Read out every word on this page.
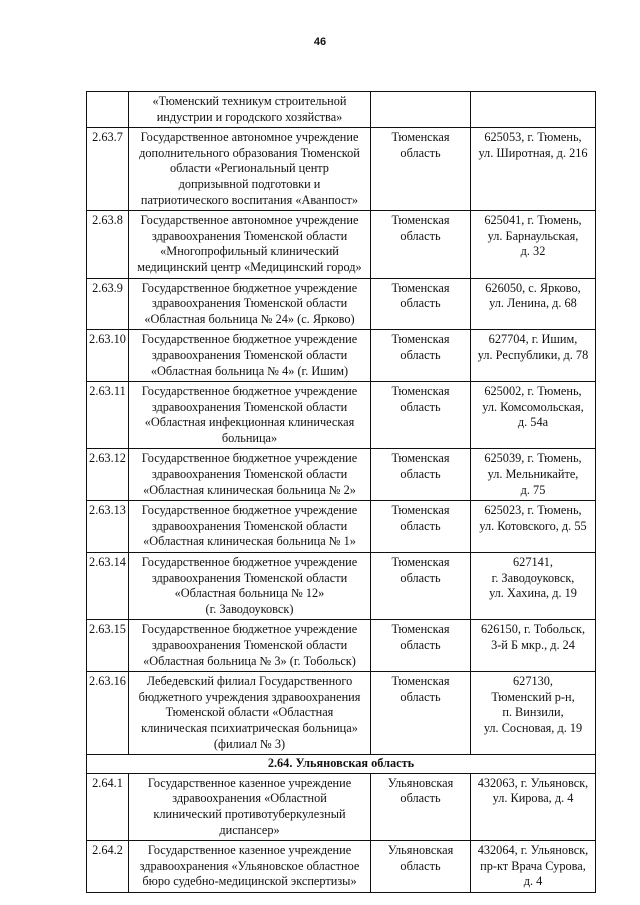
46
	«Тюменский техникум строительной
индустрии и городского хозяйства»		
2.63.7	Государственное автономное учреждение
дополнительного образования Тюменской
области «Региональный центр
допризывной подготовки и
патриотического воспитания «Аванпост»	Тюменская
область	625053, г. Тюмень,
ул. Широтная, д. 216
2.63.8	Государственное автономное учреждение
здравоохранения Тюменской области
«Многопрофильный клинический
медицинский центр «Медицинский город»	Тюменская
область	625041, г. Тюмень,
ул. Барнаульская,
д. 32
2.63.9	Государственное бюджетное учреждение
здравоохранения Тюменской области
«Областная больница № 24» (с. Ярково)	Тюменская
область	626050, с. Ярково,
ул. Ленина, д. 68
2.63.10	Государственное бюджетное учреждение
здравоохранения Тюменской области
«Областная больница № 4» (г. Ишим)	Тюменская
область	627704, г. Ишим,
ул. Республики, д. 78
2.63.11	Государственное бюджетное учреждение
здравоохранения Тюменской области
«Областная инфекционная клиническая
больница»	Тюменская
область	625002, г. Тюмень,
ул. Комсомольская,
д. 54а
2.63.12	Государственное бюджетное учреждение
здравоохранения Тюменской области
«Областная клиническая больница № 2»	Тюменская
область	625039, г. Тюмень,
ул. Мельникайте,
д. 75
2.63.13	Государственное бюджетное учреждение
здравоохранения Тюменской области
«Областная клиническая больница № 1»	Тюменская
область	625023, г. Тюмень,
ул. Котовского, д. 55
2.63.14	Государственное бюджетное учреждение
здравоохранения Тюменской области
«Областная больница № 12»
(г. Заводоуковск)	Тюменская
область	627141,
г. Заводоуковск,
ул. Хахина, д. 19
2.63.15	Государственное бюджетное учреждение
здравоохранения Тюменской области
«Областная больница № 3» (г. Тобольск)	Тюменская
область	626150, г. Тобольск,
3-й Б мкр., д. 24
2.63.16	Лебедевский филиал Государственного
бюджетного учреждения здравоохранения
Тюменской области «Областная
клиническая психиатрическая больница»
(филиал № 3)	Тюменская
область	627130,
Тюменский р-н,
п. Винзили,
ул. Сосновая, д. 19
2.64. Ульяновская область			
2.64.1	Государственное казенное учреждение
здравоохранения «Областной
клинический противотуберкулезный
диспансер»	Ульяновская
область	432063, г. Ульяновск,
ул. Кирова, д. 4
2.64.2	Государственное казенное учреждение
здравоохранения «Ульяновское областное
бюро судебно-медицинской экспертизы»	Ульяновская
область	432064, г. Ульяновск,
пр-кт Врача Сурова,
д. 4
